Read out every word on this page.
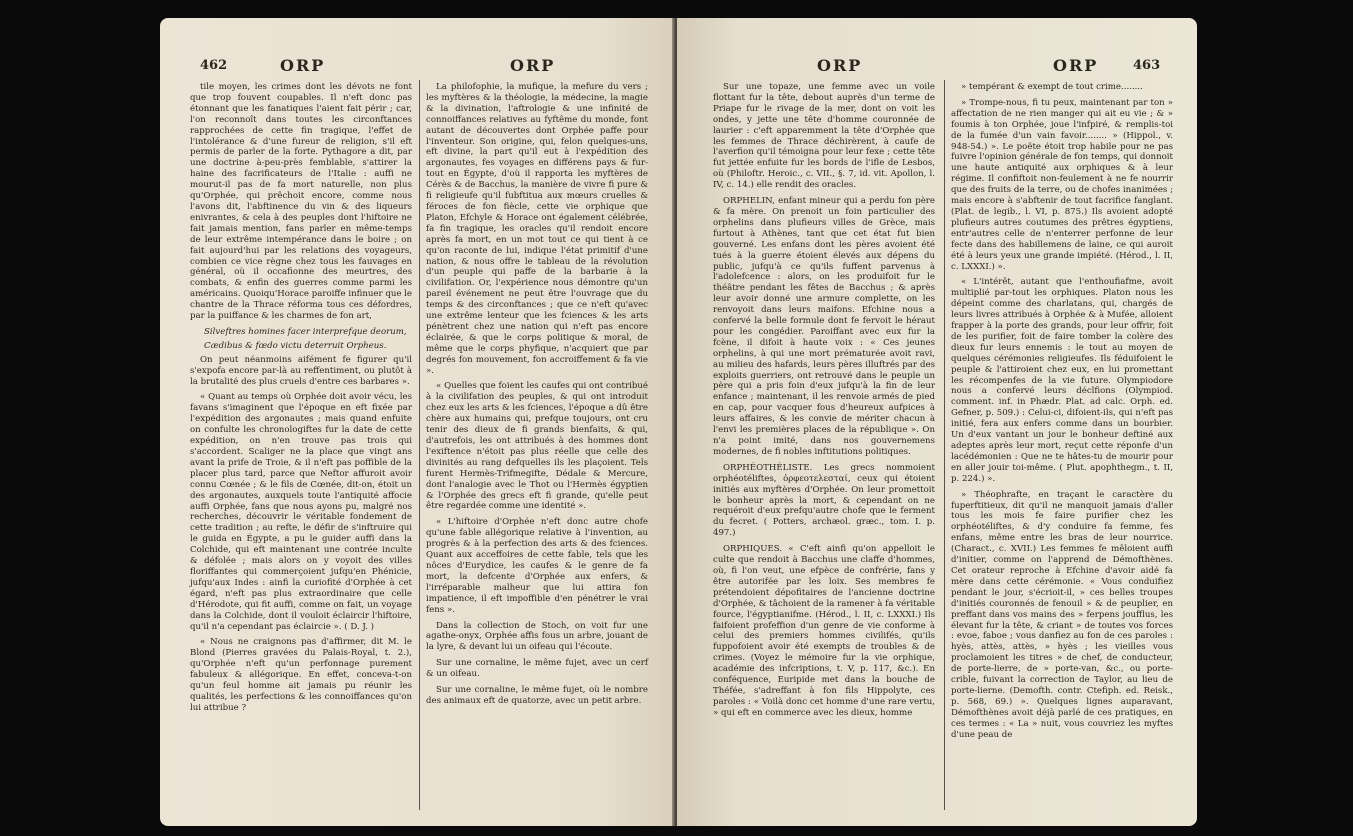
462	ORP	ORP

tile moyen, les crimes dont les dévots ne font que trop fouvent coupables. Il n'eft donc pas étonnant que les fanatiques l'aient fait périr ; car, l'on reconnoît dans toutes les circonftances rapprochées de cette fin tragique, l'effet de l'intolérance & d'une fureur de religion, s'il eft permis de parler de la forte. Pythagore a dit, par une doctrine à-peu-près femblable, s'attirer la haine des facrificateurs de l'Italie : auffi ne mourut-il pas de fa mort naturelle, non plus qu'Orphée, qui prêchoit encore, comme nous l'avons dit, l'abftinence du vin & des liqueurs enivrantes, & cela à des peuples dont l'hiftoire ne fait jamais mention, fans parler en même-temps de leur extrême intempérance dans le boire ; on fait aujourd'hui par les relations des voyageurs, combien ce vice règne chez tous les fauvages en général, où il occafionne des meurtres, des combats, & enfin des guerres comme parmi les américains. Quoiqu'Horace paroiffe infinuer que le chantre de la Thrace réforma tous ces défordres, par la puiffance & les charmes de fon art,

Silveftres homines facer interprefque deorum,

Cædibus & fœdo victu deterruit Orpheus.

On peut néanmoins aifément fe figurer qu'il s'expofa encore par-là au reffentiment, ou plutôt à la brutalité des plus cruels d'entre ces barbares ».

« Quant au temps où Orphée doit avoir vécu, les favans s'imaginent que l'époque en eft fixée par l'expédition des argonautes ; mais quand enfuite on confulte les chronologiftes fur la date de cette expédition, on n'en trouve pas trois qui s'accordent. Scaliger ne la place que vingt ans avant la prife de Troie, & il n'eft pas poffible de la placer plus tard, parce que Neftor affuroit avoir connu Cœnée ; & le fils de Cœnée, dit-on, étoit un des argonautes, auxquels toute l'antiquité affocie auffi Orphée, fans que nous ayons pu, malgré nos recherches, découvrir le véritable fondement de cette tradition ; au refte, le défir de s'inftruire qui le guida en Égypte, a pu le guider auffi dans la Colchide, qui eft maintenant une contrée inculte & défolée ; mais alors on y voyoit des villes floriffantes qui commerçoient jufqu'en Phénicie, jufqu'aux Indes : ainfi la curiofité d'Orphée à cet égard, n'eft pas plus extraordinaire que celle d'Hérodote, qui fit auffi, comme on fait, un voyage dans la Colchide, dont il vouloit éclaircir l'hiftoire, qu'il n'a cependant pas éclaircie ». ( D. J. )

« Nous ne craignons pas d'affirmer, dit M. le Blond (Pierres gravées du Palais-Royal, t. 2.), qu'Orphée n'eft qu'un perfonnage purement fabuleux & allégorique. En effet, conceva-t-on qu'un feul homme ait jamais pu réunir les qualités, les perfections & les connoiffances qu'on lui attribue ?

La philofophie, la mufique, la mefure du vers ; les myftères & la théologie, la médecine, la magie & la divination, l'aftrologie & une infinité de connoiffances relatives au fyftême du monde, font autant de découvertes dont Orphée paffe pour l'inventeur. Son origine, qui, felon quelques-uns, eft divine, la part qu'il eut à l'expédition des argonautes, fes voyages en différens pays & fur-tout en Égypte, d'où il rapporta les myftères de Cérès & de Bacchus, la manière de vivre fi pure & fi religieufe qu'il fubftitua aux mœurs cruelles & féroces de fon fiècle, cette vie orphique que Platon, Efchyle & Horace ont également célébrée, fa fin tragique, les oracles qu'il rendoit encore après fa mort, en un mot tout ce qui tient à ce qu'on raconte de lui, indique l'état primitif d'une nation, & nous offre le tableau de la révolution d'un peuple qui paffe de la barbarie à la civilifation. Or, l'expérience nous démontre qu'un pareil événement ne peut être l'ouvrage que du temps & des circonftances ; que ce n'eft qu'avec une extrême lenteur que les fciences & les arts pénètrent chez une nation qui n'eft pas encore éclairée, & que le corps politique & moral, de même que le corps phyfique, n'acquiert que par degrés fon mouvement, fon accroiffement & fa vie ».

« Quelles que foient les caufes qui ont contribué à la civilifation des peuples, & qui ont introduit chez eux les arts & les fciences, l'époque a dû être chère aux humains qui, prefque toujours, ont cru tenir des dieux de fi grands bienfaits, & qui, d'autrefois, les ont attribués à des hommes dont l'exiftence n'étoit pas plus réelle que celle des divinités au rang defquelles ils les plaçoient. Tels furent Hermès-Trifmegifte, Dédale & Mercure, dont l'analogie avec le Thot ou l'Hermès égyptien & l'Orphée des grecs eft fi grande, qu'elle peut être regardée comme une identité ».

« L'hiftoire d'Orphée n'eft donc autre chofe qu'une fable allégorique relative à l'invention, au progrès & à la perfection des arts & des fciences. Quant aux acceffoires de cette fable, tels que les nôces d'Eurydice, les caufes & le genre de fa mort, la defcente d'Orphée aux enfers, & l'irréparable malheur que lui attira fon impatience, il eft impoffible d'en pénétrer le vrai fens ».

Dans la collection de Stoch, on voit fur une agathe-onyx, Orphée affis fous un arbre, jouant de la lyre, & devant lui un oifeau qui l'écoute.

Sur une cornaline, le même fujet, avec un cerf & un oifeau.

Sur une cornaline, le même fujet, où le nombre des animaux eft de quatorze, avec un petit arbre.

ORP	ORP	463

Sur une topaze, une femme avec un voile flottant fur la tête, debout auprès d'un terme de Priape fur le rivage de la mer, dont on voit les ondes, y jette une tête d'homme couronnée de laurier : c'eft apparemment la tête d'Orphée que les femmes de Thrace déchirèrent, à caufe de l'averfion qu'il témoigna pour leur fexe ; cette tête fut jettée enfuite fur les bords de l'ifle de Lesbos, où (Philoftr. Heroic., c. VII., §. 7, id. vit. Apollon, l. IV, c. 14.) elle rendit des oracles.

ORPHELIN, enfant mineur qui a perdu fon père & fa mère. On prenoit un foin particulier des orphelins dans plufieurs villes de Grèce, mais furtout à Athènes, tant que cet état fut bien gouverné. Les enfans dont les pères avoient été tués à la guerre étoient élevés aux dépens du public, jufqu'à ce qu'ils fuffent parvenus à l'adolefcence : alors, on les produifoit fur le théâtre pendant les fêtes de Bacchus ; & après leur avoir donné une armure complette, on les renvoyoit dans leurs maifons. Efchine nous a confervé la belle formule dont fe fervoit le héraut pour les congédier. Paroiffant avec eux fur la fcène, il difoit à haute voix : « Ces jeunes orphelins, à qui une mort prématurée avoit ravi, au milieu des hafards, leurs pères illuftrés par des exploits guerriers, ont retrouvé dans le peuple un père qui a pris foin d'eux jufqu'à la fin de leur enfance ; maintenant, il les renvoie armés de pied en cap, pour vacquer fous d'heureux aufpices à leurs affaires, & les convie de mériter chacun à l'envi les premières places de la république ». On n'a point imité, dans nos gouvernemens modernes, de fi nobles inftitutions politiques.

ORPHÉOTHÉLISTE. Les grecs nommoient orphéotéliftes, ὀρφεοτελεσταί, ceux qui étoient initiés aux myftères d'Orphée. On leur promettoit le bonheur après la mort, & cependant on ne requéroit d'eux prefqu'autre chofe que le ferment du fecret. ( Potters, archæol. græc., tom. I. p. 497.)

ORPHIQUES. « C'eft ainfi qu'on appelloit le culte que rendoit à Bacchus une claffe d'hommes, où, fi l'on veut, une efpèce de confrérie, fans y être autorifée par les loix. Ses membres fe prétendoient dépofitaires de l'ancienne doctrine d'Orphée, & tâchoient de la ramener à fa véritable fource, l'égyptianifme. (Hérod., l. II, c. LXXXI.) Ils faifoient profeffion d'un genre de vie conforme à celui des premiers hommes civilifés, qu'ils fuppofoient avoir été exempts de troubles & de crimes. (Voyez le mémoire fur la vie orphique, académie des infcriptions, t. V, p. 117, &c.). En conféquence, Euripide met dans la bouche de Théfée, s'adreffant à fon fils Hippolyte, ces paroles : « Voilà donc cet homme d'une rare vertu, » qui eft en commerce avec les dieux, homme

» tempérant & exempt de tout crime........

» Trompe-nous, fi tu peux, maintenant par ton » affectation de ne rien manger qui ait eu vie ; & » foumis à ton Orphée, joue l'infpiré, & remplis-toi de la fumée d'un vain favoir........ » (Hippol., v. 948-54.) ». Le poëte étoit trop habile pour ne pas fuivre l'opinion générale de fon temps, qui donnoit une haute antiquité aux orphiques & à leur régime. Il confiftoit non-feulement à ne fe nourrir que des fruits de la terre, ou de chofes inanimées ; mais encore à s'abftenir de tout facrifice fanglant. (Plat. de legib., l. VI, p. 875.) Ils avoient adopté plufieurs autres coutumes des prêtres égyptiens, entr'autres celle de n'enterrer perfonne de leur fecte dans des habillemens de laine, ce qui auroit été à leurs yeux une grande impiété. (Hérod., l. II, c. LXXXI.) ».

« L'intérêt, autant que l'enthoufiafme, avoit multiplié par-tout les orphiques. Platon nous les dépeint comme des charlatans, qui, chargés de leurs livres attribués à Orphée & à Mufée, alloient frapper à la porte des grands, pour leur offrir, foit de les purifier, foit de faire tomber la colère des dieux fur leurs ennemis : le tout au moyen de quelques cérémonies religieufes. Ils féduifoient le peuple & l'attiroient chez eux, en lui promettant les récompenfes de la vie future. Olympiodore nous a confervé leurs déclfions (Olympiod. comment. inf. in Phædr. Plat. ad calc. Orph. ed. Gefner, p. 509.) : Celui-ci, difoient-ils, qui n'eft pas initié, fera aux enfers comme dans un bourbier. Un d'eux vantant un jour le bonheur deftiné aux adeptes après leur mort, reçut cette réponfe d'un lacédémonien : Que ne te hâtes-tu de mourir pour en aller jouir toi-même. ( Plut. apophthegm., t. II, p. 224.) ».

» Théophrafte, en traçant le caractère du fuperftitieux, dit qu'il ne manquoit jamais d'aller tous les mois fe faire purifier chez les orphéotéliftes, & d'y conduire fa femme, fes enfans, même entre les bras de leur nourrice. (Charact., c. XVII.) Les femmes fe mêloient auffi d'initier, comme on l'apprend de Démofthènes. Cet orateur reproche à Efchine d'avoir aidé fa mère dans cette cérémonie. « Vous conduifiez pendant le jour, s'écrioit-il, » ces belles troupes d'initiés couronnés de fenouil » & de peuplier, en preffant dans vos mains des » ferpens joufflus, les élevant fur la tête, & criant » de toutes vos forces : evoe, faboe ; vous danfiez au fon de ces paroles : hyès, attès, attès, » hyès ; les vieilles vous proclamoient les titres » de chef, de conducteur, de porte-lierre, de » porte-van, &c., ou porte-crible, fuivant la correction de Taylor, au lieu de porte-lierne. (Demofth. contr. Ctefiph. ed. Reisk., p. 568, 69.) ». Quelques lignes auparavant, Démofthènes avoit déjà parlé de ces pratiques, en ces termes : « La » nuit, vous couvriez les myftes d'une peau de
